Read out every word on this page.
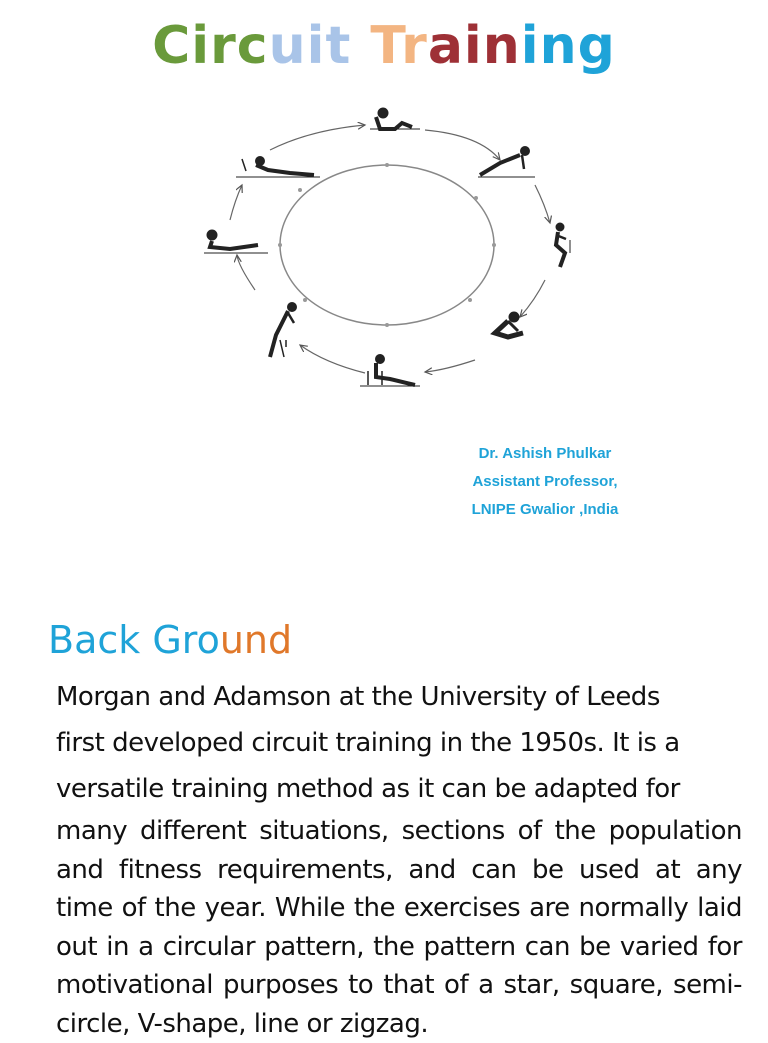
Circuit Training
Dr. Ashish Phulkar
Assistant Professor,
LNIPE Gwalior ,India
Back Ground
Morgan and Adamson at the University of Leeds
first developed circuit training in the 1950s. It is a
versatile training method as it can be adapted for
many different situations, sections of the population and fitness requirements, and can be used at any time of the year. While the exercises are normally laid out in a circular pattern, the pattern can be varied for motivational purposes to that of a star, square, semi-circle, V-shape, line or zigzag.
